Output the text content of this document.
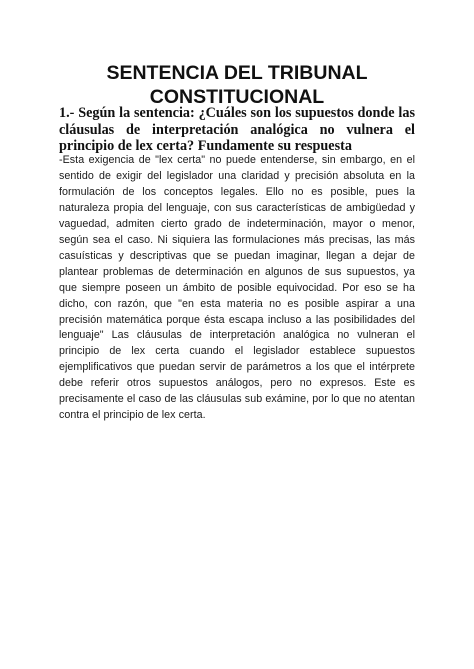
SENTENCIA DEL TRIBUNAL
CONSTITUCIONAL

1.- Según la sentencia: ¿Cuáles son los supuestos donde las cláusulas de interpretación analógica no vulnera el principio de lex certa? Fundamente su respuesta

-Esta exigencia de "lex certa" no puede entenderse, sin embargo, en el sentido de exigir del legislador una claridad y precisión absoluta en la formulación de los conceptos legales. Ello no es posible, pues la naturaleza propia del lenguaje, con sus características de ambigüedad y vaguedad, admiten cierto grado de indeterminación, mayor o menor, según sea el caso. Ni siquiera las formulaciones más precisas, las más casuísticas y descriptivas que se puedan imaginar, llegan a dejar de plantear problemas de determinación en algunos de sus supuestos, ya que siempre poseen un ámbito de posible equivocidad. Por eso se ha dicho, con razón, que "en esta materia no es posible aspirar a una precisión matemática porque ésta escapa incluso a las posibilidades del lenguaje" Las cláusulas de interpretación analógica no vulneran el principio de lex certa cuando el legislador establece supuestos ejemplificativos que puedan servir de parámetros a los que el intérprete debe referir otros supuestos análogos, pero no expresos. Este es precisamente el caso de las cláusulas sub exámine, por lo que no atentan contra el principio de lex certa.
